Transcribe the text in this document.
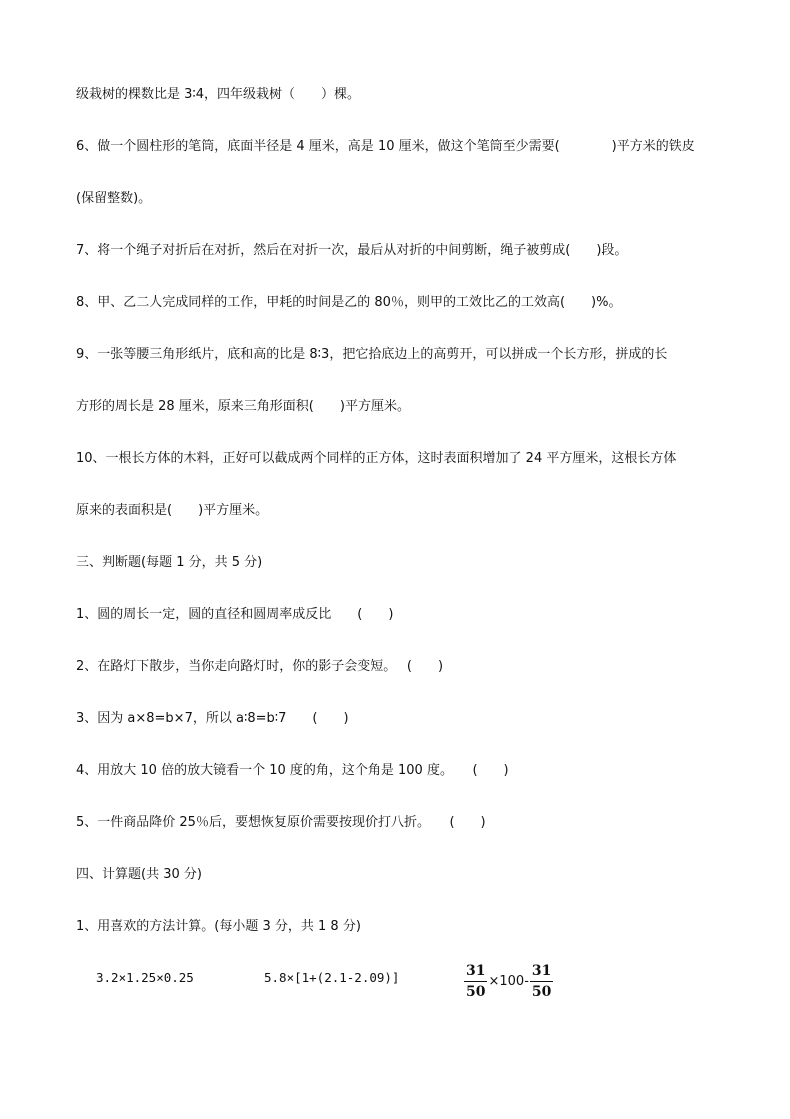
级栽树的棵数比是 3∶4，四年级栽树（　　）棵。
6、做一个圆柱形的笔筒，底面半径是 4 厘米，高是 10 厘米，做这个笔筒至少需要(　　　　)平方米的铁皮
(保留整数)。
7、将一个绳子对折后在对折，然后在对折一次，最后从对折的中间剪断，绳子被剪成(　　)段。
8、甲、乙二人完成同样的工作，甲耗的时间是乙的 80％，则甲的工效比乙的工效高(　　)%。
9、一张等腰三角形纸片，底和高的比是 8∶3，把它拾底边上的高剪开，可以拼成一个长方形，拼成的长
方形的周长是 28 厘米，原来三角形面积(　　)平方厘米。
10、一根长方体的木料，正好可以截成两个同样的正方体，这时表面积增加了 24 平方厘米，这根长方体
原来的表面积是(　　)平方厘米。
三、判断题(每题 1 分，共 5 分)
1、圆的周长一定，圆的直径和圆周率成反比　　(　　)
2、在路灯下散步，当你走向路灯时，你的影子会变短。　 (　　)
3、因为 a×8=b×7，所以 a∶8=b∶7　　(　　)
4、用放大 10 倍的放大镜看一个 10 度的角，这个角是 100 度。　　(　　)
5、一件商品降价 25％后，要想恢复原价需要按现价打八折。　　(　　)
四、计算题(共 30 分)
1、用喜欢的方法计算。(每小题 3 分，共 1 8 分)
3.2×1.25×0.25	5.8×[1+(2.1-2.09)]	$\frac{31}{50} \times 100- \frac{31}{50}$
